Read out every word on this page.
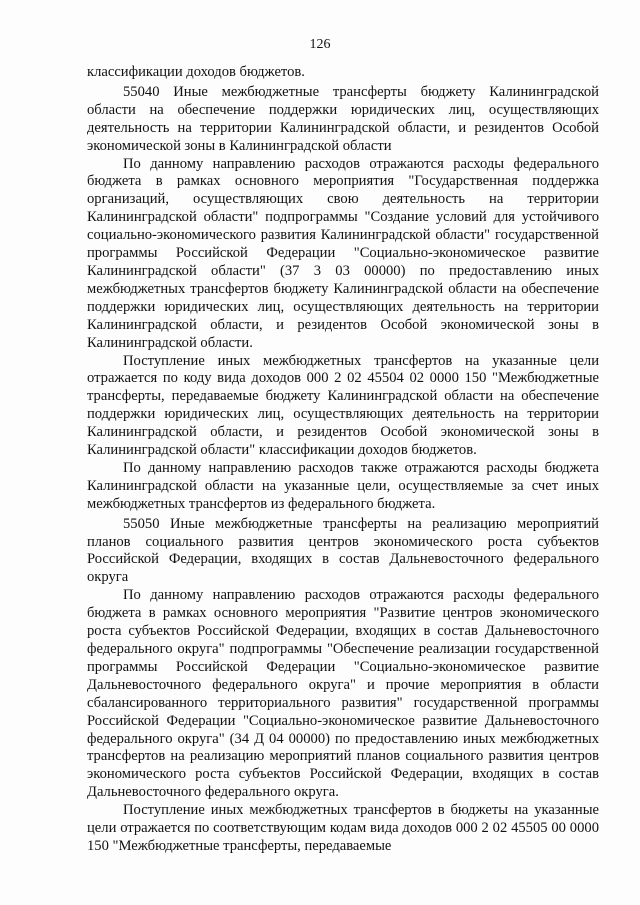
126

классификации доходов бюджетов.

55040 Иные межбюджетные трансферты бюджету Калининградской области на обеспечение поддержки юридических лиц, осуществляющих деятельность на территории Калининградской области, и резидентов Особой экономической зоны в Калининградской области

По данному направлению расходов отражаются расходы федерального бюджета в рамках основного мероприятия "Государственная поддержка организаций, осуществляющих свою деятельность на территории Калининградской области" подпрограммы "Создание условий для устойчивого социально-экономического развития Калининградской области" государственной программы Российской Федерации "Социально-экономическое развитие Калининградской области" (37 3 03 00000) по предоставлению иных межбюджетных трансфертов бюджету Калининградской области на обеспечение поддержки юридических лиц, осуществляющих деятельность на территории Калининградской области, и резидентов Особой экономической зоны в Калининградской области.

Поступление иных межбюджетных трансфертов на указанные цели отражается по коду вида доходов 000 2 02 45504 02 0000 150 "Межбюджетные трансферты, передаваемые бюджету Калининградской области на обеспечение поддержки юридических лиц, осуществляющих деятельность на территории Калининградской области, и резидентов Особой экономической зоны в Калининградской области" классификации доходов бюджетов.

По данному направлению расходов также отражаются расходы бюджета Калининградской области на указанные цели, осуществляемые за счет иных межбюджетных трансфертов из федерального бюджета.

55050 Иные межбюджетные трансферты на реализацию мероприятий планов социального развития центров экономического роста субъектов Российской Федерации, входящих в состав Дальневосточного федерального округа

По данному направлению расходов отражаются расходы федерального бюджета в рамках основного мероприятия "Развитие центров экономического роста субъектов Российской Федерации, входящих в состав Дальневосточного федерального округа" подпрограммы "Обеспечение реализации государственной программы Российской Федерации "Социально-экономическое развитие Дальневосточного федерального округа" и прочие мероприятия в области сбалансированного территориального развития" государственной программы Российской Федерации "Социально-экономическое развитие Дальневосточного федерального округа" (34 Д 04 00000) по предоставлению иных межбюджетных трансфертов на реализацию мероприятий планов социального развития центров экономического роста субъектов Российской Федерации, входящих в состав Дальневосточного федерального округа.

Поступление иных межбюджетных трансфертов в бюджеты на указанные цели отражается по соответствующим кодам вида доходов 000 2 02 45505 00 0000 150 "Межбюджетные трансферты, передаваемые
